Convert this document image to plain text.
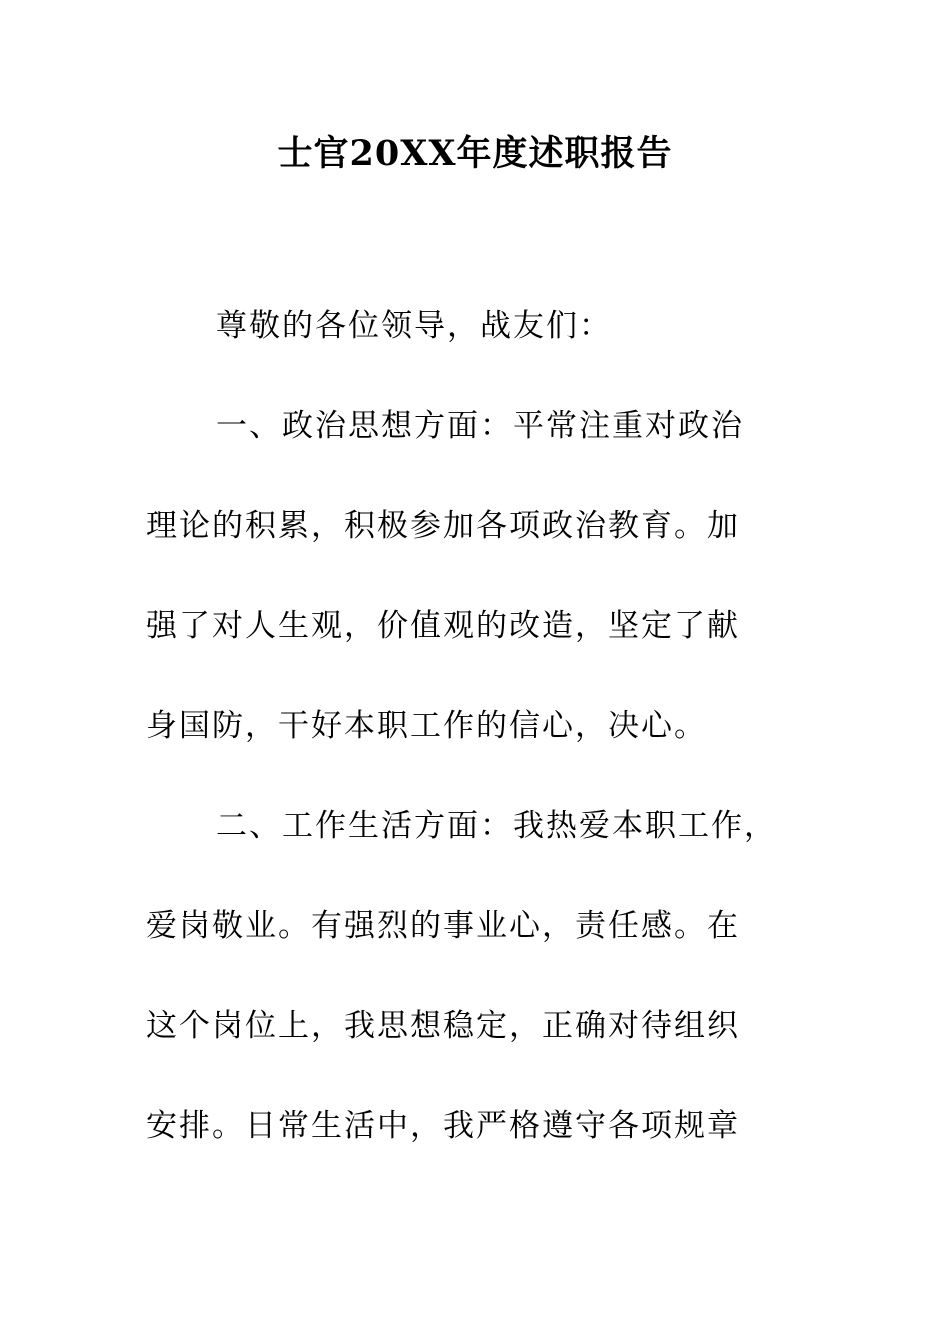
士官20XX年度述职报告
尊敬的各位领导，战友们：
一、政治思想方面：平常注重对政治
理论的积累，积极参加各项政治教育。加
强了对人生观，价值观的改造，坚定了献
身国防，干好本职工作的信心，决心。
二、工作生活方面：我热爱本职工作，
爱岗敬业。有强烈的事业心，责任感。在
这个岗位上，我思想稳定，正确对待组织
安排。日常生活中，我严格遵守各项规章
